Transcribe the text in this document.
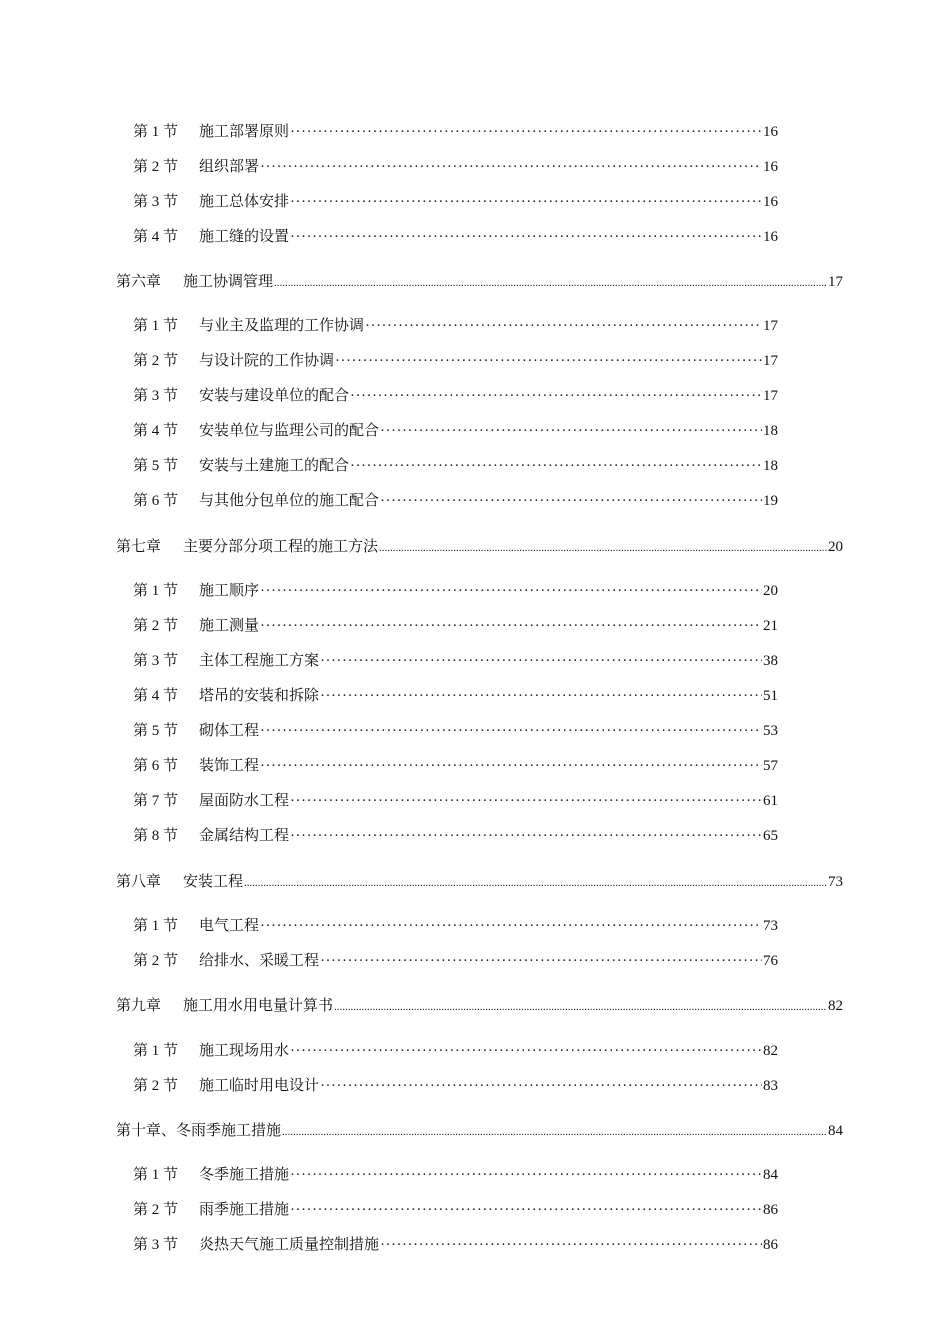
第 1 节	施工部署原则 ·····	16
第 2 节	组织部署 ·····	16
第 3 节	施工总体安排 ·····	16
第 4 节	施工缝的设置 ·····	16
第六章	施工协调管理 .....	17
第 1 节	与业主及监理的工作协调 ·····	17
第 2 节	与设计院的工作协调 ·····	17
第 3 节	安装与建设单位的配合 ·····	17
第 4 节	安装单位与监理公司的配合 ·····	18
第 5 节	安装与土建施工的配合 ·····	18
第 6 节	与其他分包单位的施工配合 ·····	19
第七章	主要分部分项工程的施工方法 .....	20
第 1 节	施工顺序 ·····	20
第 2 节	施工测量 ·····	21
第 3 节	主体工程施工方案 ·····	38
第 4 节	塔吊的安装和拆除 ·····	51
第 5 节	砌体工程 ·····	53
第 6 节	装饰工程 ·····	57
第 7 节	屋面防水工程 ·····	61
第 8 节	金属结构工程 ·····	65
第八章	安装工程 .....	73
第 1 节	电气工程 ·····	73
第 2 节	给排水、采暖工程 ·····	76
第九章	施工用水用电量计算书 .....	82
第 1 节	施工现场用水 ·····	82
第 2 节	施工临时用电设计 ·····	83
第十章、冬雨季施工措施 .....	84
第 1 节	冬季施工措施 ·····	84
第 2 节	雨季施工措施 ·····	86
第 3 节	炎热天气施工质量控制措施 ·····	86
